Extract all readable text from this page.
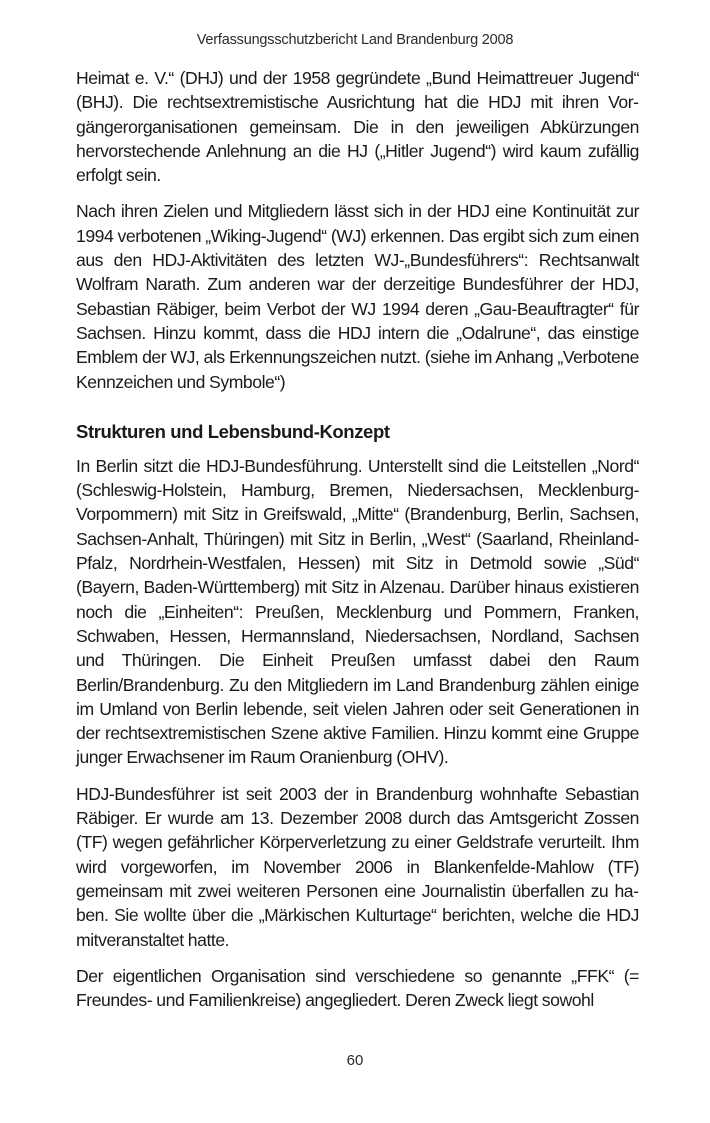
Verfassungsschutzbericht Land Brandenburg 2008

Heimat e. V.“ (DHJ) und der 1958 gegründete „Bund Heimattreuer Jugend“ (BHJ). Die rechtsextremistische Ausrichtung hat die HDJ mit ihren Vorgängerorganisationen gemeinsam. Die in den jeweiligen Abkürzungen hervorstechende Anlehnung an die HJ („Hitler Jugend“) wird kaum zufällig erfolgt sein.

Nach ihren Zielen und Mitgliedern lässt sich in der HDJ eine Kontinuität zur 1994 verbotenen „Wiking-Jugend“ (WJ) erkennen. Das ergibt sich zum einen aus den HDJ-Aktivitäten des letzten WJ-„Bundesführers“: Rechtsanwalt Wolfram Narath. Zum anderen war der derzeitige Bundesführer der HDJ, Sebastian Räbiger, beim Verbot der WJ 1994 deren „Gau-Beauftragter“ für Sachsen. Hinzu kommt, dass die HDJ intern die „Odalrune“, das einstige Emblem der WJ, als Erkennungszeichen nutzt. (siehe im Anhang „Verbotene Kennzeichen und Symbole“)

Strukturen und Lebensbund-Konzept

In Berlin sitzt die HDJ-Bundesführung. Unterstellt sind die Leitstellen „Nord“ (Schleswig-Holstein, Hamburg, Bremen, Niedersachsen, Mecklenburg-Vorpommern) mit Sitz in Greifswald, „Mitte“ (Brandenburg, Berlin, Sachsen, Sachsen-Anhalt, Thüringen) mit Sitz in Berlin, „West“ (Saarland, Rheinland-Pfalz, Nordrhein-Westfalen, Hessen) mit Sitz in Detmold sowie „Süd“ (Bayern, Baden-Württemberg) mit Sitz in Alzenau. Darüber hinaus existieren noch die „Einheiten“: Preußen, Mecklenburg und Pommern, Franken, Schwaben, Hessen, Hermannsland, Niedersachsen, Nordland, Sachsen und Thüringen. Die Einheit Preußen umfasst dabei den Raum Berlin/Brandenburg. Zu den Mitgliedern im Land Brandenburg zählen einige im Umland von Berlin lebende, seit vielen Jahren oder seit Generationen in der rechtsextremistischen Szene aktive Familien. Hinzu kommt eine Gruppe junger Erwachsener im Raum Oranienburg (OHV).

HDJ-Bundesführer ist seit 2003 der in Brandenburg wohnhafte Sebastian Räbiger. Er wurde am 13. Dezember 2008 durch das Amtsgericht Zossen (TF) wegen gefährlicher Körperverletzung zu einer Geldstrafe verurteilt. Ihm wird vorgeworfen, im November 2006 in Blankenfelde-Mahlow (TF) gemeinsam mit zwei weiteren Personen eine Journalistin überfallen zu haben. Sie wollte über die „Märkischen Kulturtage“ berichten, welche die HDJ mitveranstaltet hatte.

Der eigentlichen Organisation sind verschiedene so genannte „FFK“ (= Freundes- und Familienkreise) angegliedert. Deren Zweck liegt sowohl

60
